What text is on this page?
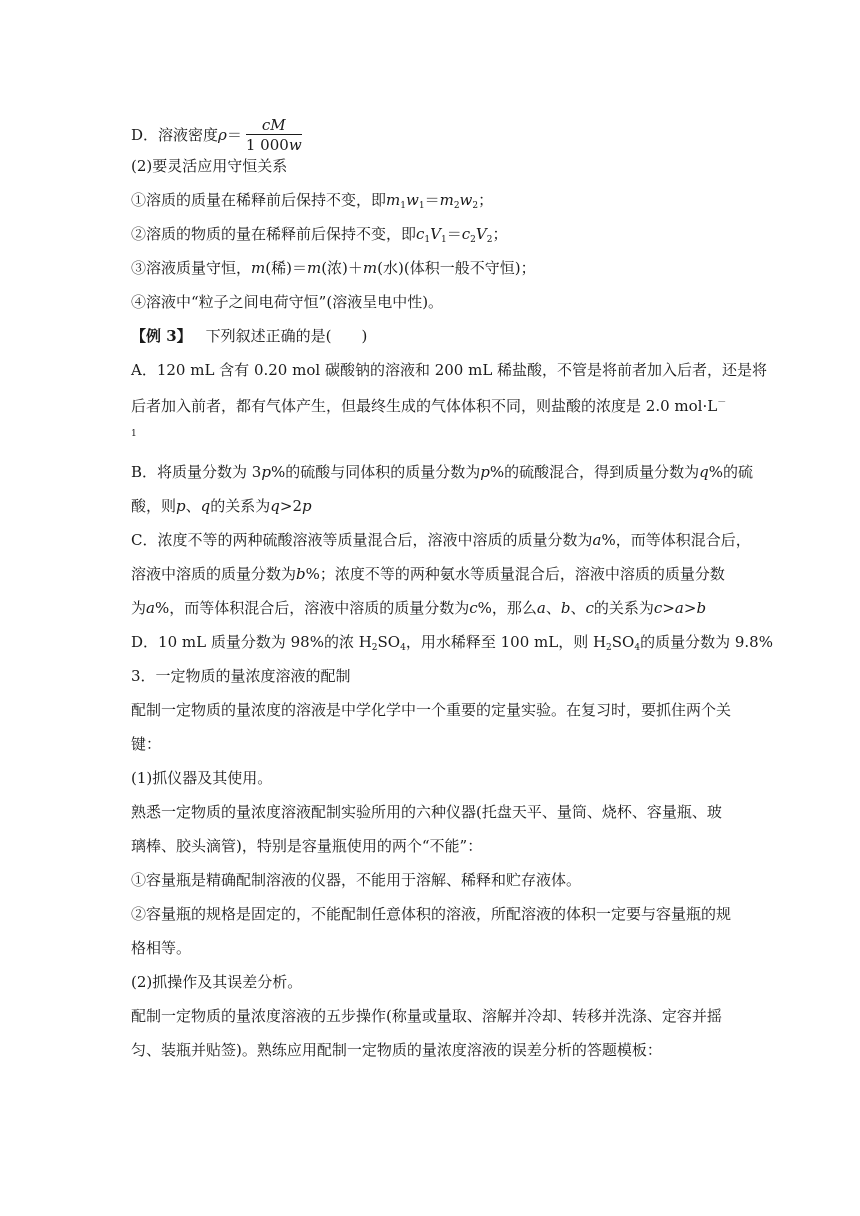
D．溶液密度$\rho= \frac{cM}{1 000w}$
(2)要灵活应用守恒关系
①溶质的质量在稀释前后保持不变，即$m_1w_1=m_2w_2$；
②溶质的物质的量在稀释前后保持不变，即$c_1V_1=c_2V_2$；
③溶液质量守恒，m(稀)＝m(浓)＋m(水)(体积一般不守恒)；
④溶液中“粒子之间电荷守恒”(溶液呈电中性)。
【例 3】 下列叙述正确的是(　　)
A．120 mL 含有 0.20 mol 碳酸钠的溶液和 200 mL 稀盐酸，不管是将前者加入后者，还是将
后者加入前者，都有气体产生，但最终生成的气体体积不同，则盐酸的浓度是 2.0 mol·L－
1
B．将质量分数为 3p%的硫酸与同体积的质量分数为p%的硫酸混合，得到质量分数为q%的硫
酸，则p、q的关系为q>2p
C．浓度不等的两种硫酸溶液等质量混合后，溶液中溶质的质量分数为a%，而等体积混合后，
溶液中溶质的质量分数为b%；浓度不等的两种氨水等质量混合后，溶液中溶质的质量分数
为a%，而等体积混合后，溶液中溶质的质量分数为c%，那么a、b、c的关系为c>a>b
D．10 mL 质量分数为 98%的浓 $H_2SO_4$，用水稀释至 100 mL，则 $H_2SO_4$的质量分数为 9.8%
3．一定物质的量浓度溶液的配制
配制一定物质的量浓度的溶液是中学化学中一个重要的定量实验。在复习时，要抓住两个关
键：
(1)抓仪器及其使用。
熟悉一定物质的量浓度溶液配制实验所用的六种仪器(托盘天平、量筒、烧杯、容量瓶、玻
璃棒、胶头滴管)，特别是容量瓶使用的两个“不能”：
①容量瓶是精确配制溶液的仪器，不能用于溶解、稀释和贮存液体。
②容量瓶的规格是固定的，不能配制任意体积的溶液，所配溶液的体积一定要与容量瓶的规
格相等。
(2)抓操作及其误差分析。
配制一定物质的量浓度溶液的五步操作(称量或量取、溶解并冷却、转移并洗涤、定容并摇
匀、装瓶并贴签)。熟练应用配制一定物质的量浓度溶液的误差分析的答题模板：
